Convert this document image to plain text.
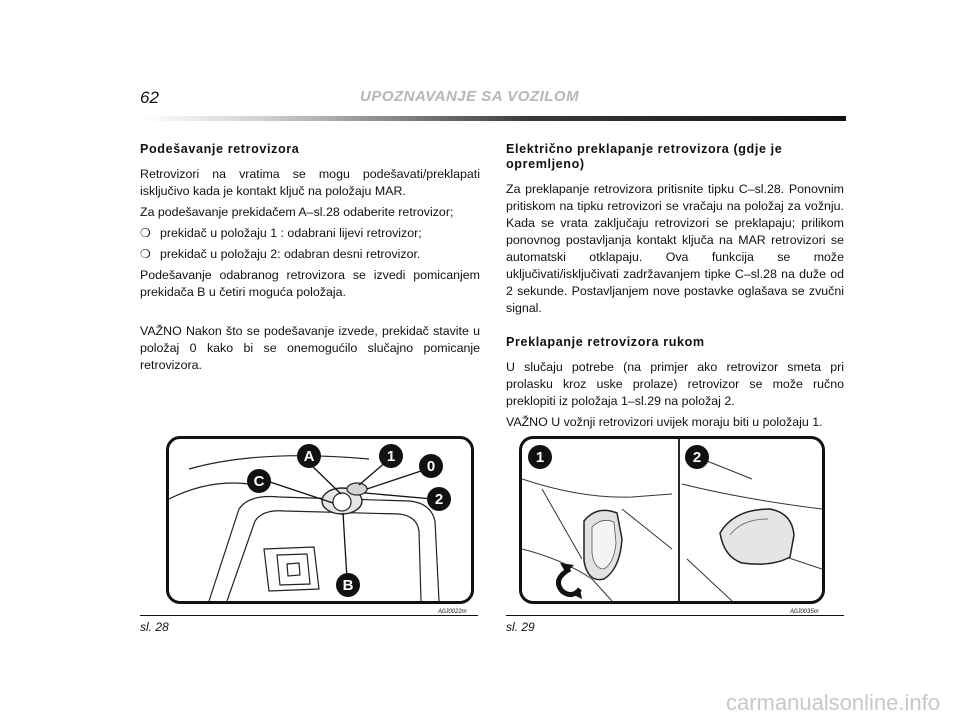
62	UPOZNAVANJE SA VOZILOM
Podešavanje retrovizora

Retrovizori na vratima se mogu podešavati/preklapati isključivo kada je kontakt ključ na položaju MAR.

Za podešavanje prekidačem A–sl.28 odaberite retrovizor;

❍ prekidač u položaju 1 : odabrani lijevi retrovizor;
❍ prekidač u položaju 2: odabran desni retrovizor.

Podešavanje odabranog retrovizora se izvedi pomicanjem prekidača B u četiri moguća položaja.

VAŽNO Nakon što se podešavanje izvede, prekidač stavite u položaj 0 kako bi se onemogućilo slučajno pomicanje retrovizora.

Električno preklapanje retrovizora (gdje je opremljeno)

Za preklapanje retrovizora pritisnite tipku C–sl.28. Ponovnim pritiskom na tipku retrovizori se vračaju na položaj za vožnju. Kada se vrata zaključaju retrovizori se preklapaju; prilikom ponovnog postavljanja kontakt ključa na MAR retrovizori se automatski otklapaju. Ova funkcija se može uključivati/isključivati zadržavanjem tipke C–sl.28 na duže od 2 sekunde. Postavljanjem nove postavke oglašava se zvučni signal.

Preklapanje retrovizora rukom

U slučaju potrebe (na primjer ako retrovizor smeta pri prolasku kroz uske prolaze) retrovizor se može ručno preklopiti iz položaja 1–sl.29 na položaj 2.

VAŽNO U vožnji retrovizori uvijek moraju biti u položaju 1.

A	1
0
C
2
B
1	2
sl. 28	sl. 29
A0J0022m	A0J0035m
carmanualsonline.info
